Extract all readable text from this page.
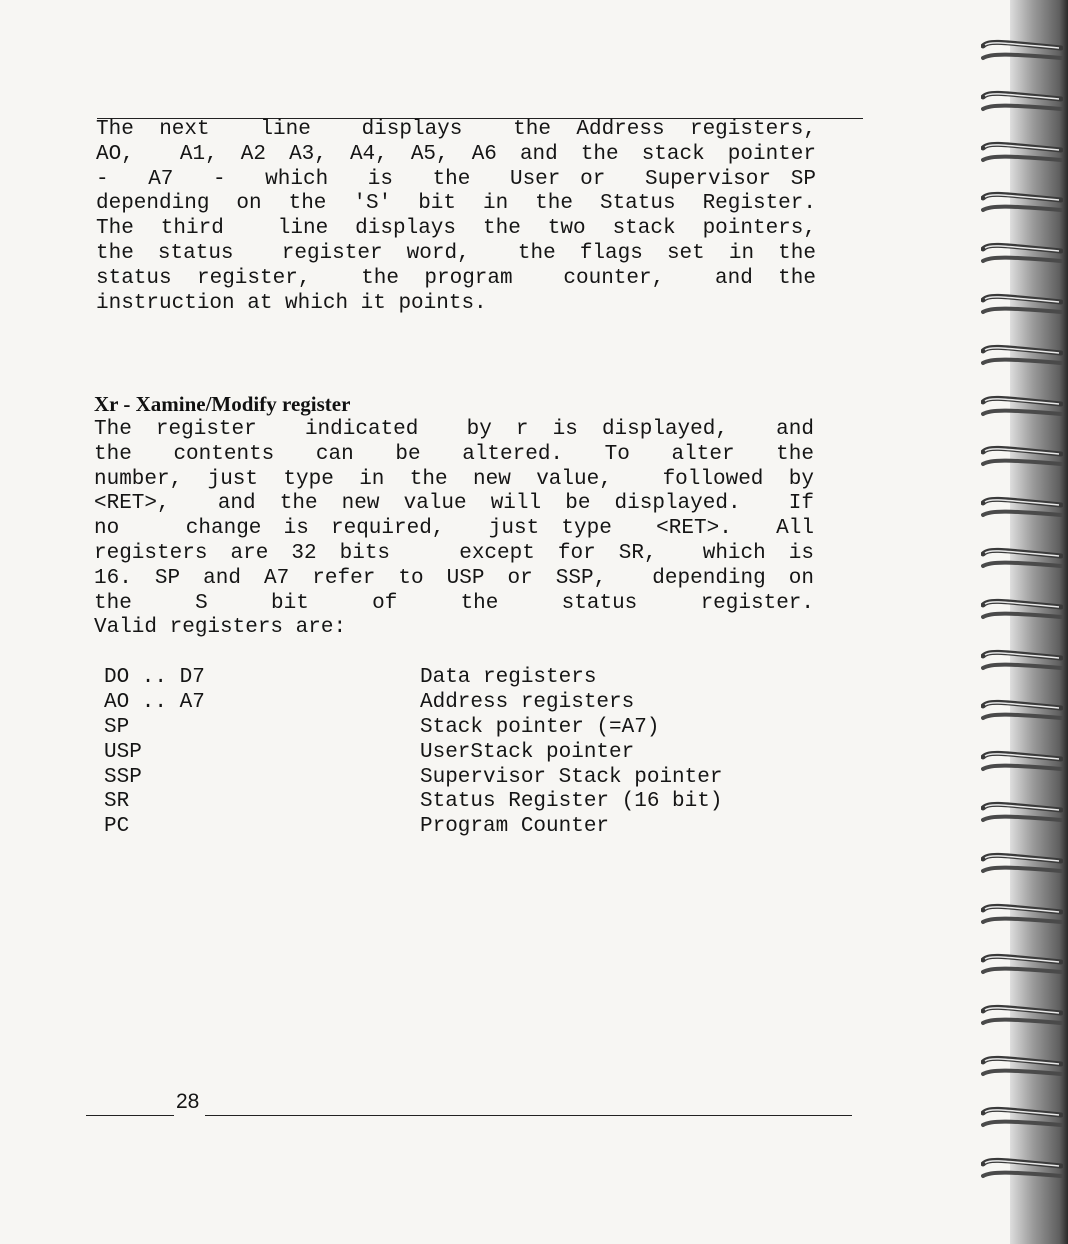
The next  line  displays  the Address registers,
AO,  A1, A2 A3, A4, A5, A6 and the stack pointer
-  A7  -  which  is  the  User or  Supervisor SP
depending on the 'S' bit in the Status Register.
The third  line displays the two stack pointers,
the status  register word,  the flags set in the
status register,  the program  counter,  and the
instruction at which it points.
Xr - Xamine/Modify register
The register  indicated  by r is displayed,  and
the  contents  can  be  altered.  To  alter  the
number, just type in the new value,  followed by
<RET>,  and the new value will be displayed.  If
no   change is required,  just type  <RET>.  All
registers are 32 bits   except for SR,  which is
16. SP and A7 refer to USP or SSP,  depending on
the   S   bit   of   the   status   register.
Valid registers are:
DO .. D7	Data registers
AO .. A7	Address registers
SP	Stack pointer (=A7)
USP	UserStack pointer
SSP	Supervisor Stack pointer
SR	Status Register (16 bit)
PC	Program Counter
28
